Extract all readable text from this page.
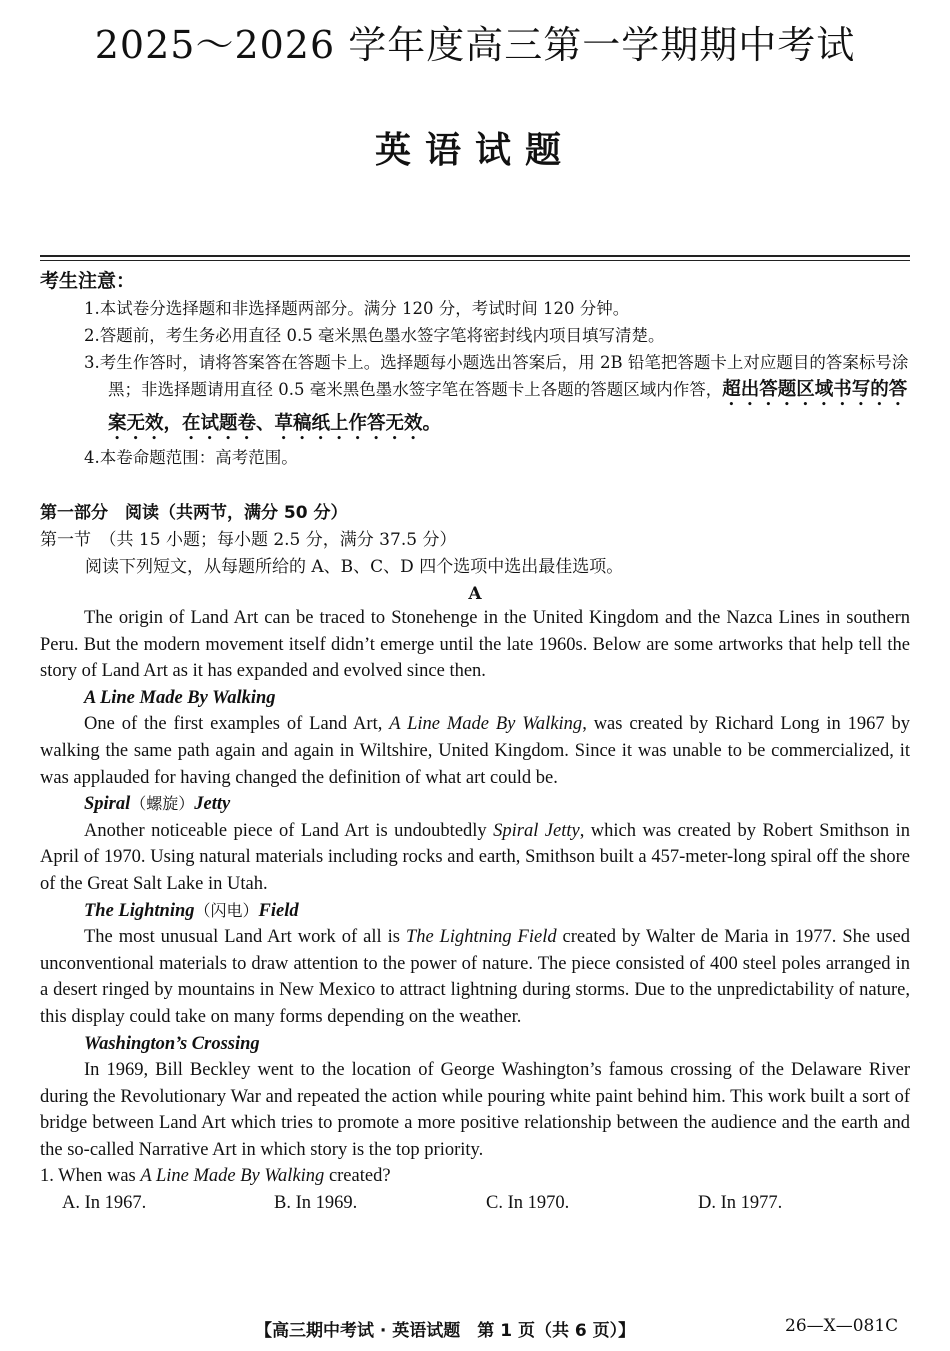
2025～2026 学年度高三第一学期期中考试
英语试题
考生注意：
1.本试卷分选择题和非选择题两部分。满分 120 分，考试时间 120 分钟。
2.答题前，考生务必用直径 0.5 毫米黑色墨水签字笔将密封线内项目填写清楚。
3.考生作答时，请将答案答在答题卡上。选择题每小题选出答案后，用 2B 铅笔把答题卡上对应题目的答案标号涂黑；非选择题请用直径 0.5 毫米黑色墨水签字笔在答题卡上各题的答题区域内作答，超出答题区域书写的答案无效，在试题卷、草稿纸上作答无效。
4.本卷命题范围：高考范围。
第一部分　阅读（共两节，满分 50 分）
第一节　（共 15 小题；每小题 2.5 分，满分 37.5 分）
阅读下列短文，从每题所给的 A、B、C、D 四个选项中选出最佳选项。
A

The origin of Land Art can be traced to Stonehenge in the United Kingdom and the Nazca Lines in southern Peru. But the modern movement itself didn’t emerge until the late 1960s. Below are some artworks that help tell the story of Land Art as it has expanded and evolved since then.

A Line Made By Walking

One of the first examples of Land Art, A Line Made By Walking, was created by Richard Long in 1967 by walking the same path again and again in Wiltshire, United Kingdom. Since it was unable to be commercialized, it was applauded for having changed the definition of what art could be.

Spiral（螺旋）Jetty

Another noticeable piece of Land Art is undoubtedly Spiral Jetty, which was created by Robert Smithson in April of 1970. Using natural materials including rocks and earth, Smithson built a 457-meter-long spiral off the shore of the Great Salt Lake in Utah.

The Lightning（闪电）Field

The most unusual Land Art work of all is The Lightning Field created by Walter de Maria in 1977. She used unconventional materials to draw attention to the power of nature. The piece consisted of 400 steel poles arranged in a desert ringed by mountains in New Mexico to attract lightning during storms. Due to the unpredictability of nature, this display could take on many forms depending on the weather.

Washington’s Crossing

In 1969, Bill Beckley went to the location of George Washington’s famous crossing of the Delaware River during the Revolutionary War and repeated the action while pouring white paint behind him. This work built a sort of bridge between Land Art which tries to promote a more positive relationship between the audience and the earth and the so-called Narrative Art in which story is the top priority.

1. When was A Line Made By Walking created?
A. In 1967.	B. In 1969.	C. In 1970.	D. In 1977.
【高三期中考试 · 英语试题　第 1 页（共 6 页）】	26—X—081C
